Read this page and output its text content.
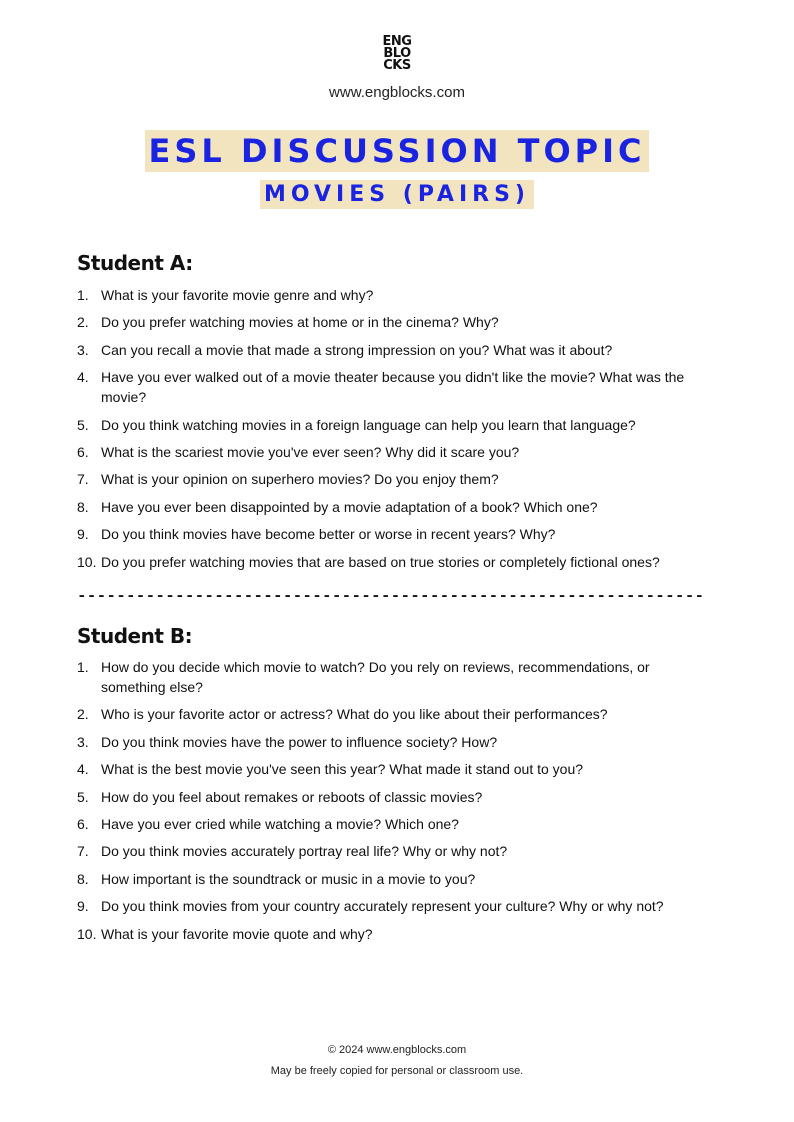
ENG
BLO
CKS
www.engblocks.com
ESL DISCUSSION TOPIC
MOVIES (PAIRS)
Student A:
1. What is your favorite movie genre and why?
2. Do you prefer watching movies at home or in the cinema? Why?
3. Can you recall a movie that made a strong impression on you? What was it about?
4. Have you ever walked out of a movie theater because you didn't like the movie? What was the movie?
5. Do you think watching movies in a foreign language can help you learn that language?
6. What is the scariest movie you've ever seen? Why did it scare you?
7. What is your opinion on superhero movies? Do you enjoy them?
8. Have you ever been disappointed by a movie adaptation of a book? Which one?
9. Do you think movies have become better or worse in recent years? Why?
10. Do you prefer watching movies that are based on true stories or completely fictional ones?
----------------------------------------------------------------
Student B:
1. How do you decide which movie to watch? Do you rely on reviews, recommendations, or something else?
2. Who is your favorite actor or actress? What do you like about their performances?
3. Do you think movies have the power to influence society? How?
4. What is the best movie you've seen this year? What made it stand out to you?
5. How do you feel about remakes or reboots of classic movies?
6. Have you ever cried while watching a movie? Which one?
7. Do you think movies accurately portray real life? Why or why not?
8. How important is the soundtrack or music in a movie to you?
9. Do you think movies from your country accurately represent your culture? Why or why not?
10. What is your favorite movie quote and why?
© 2024 www.engblocks.com
May be freely copied for personal or classroom use.
